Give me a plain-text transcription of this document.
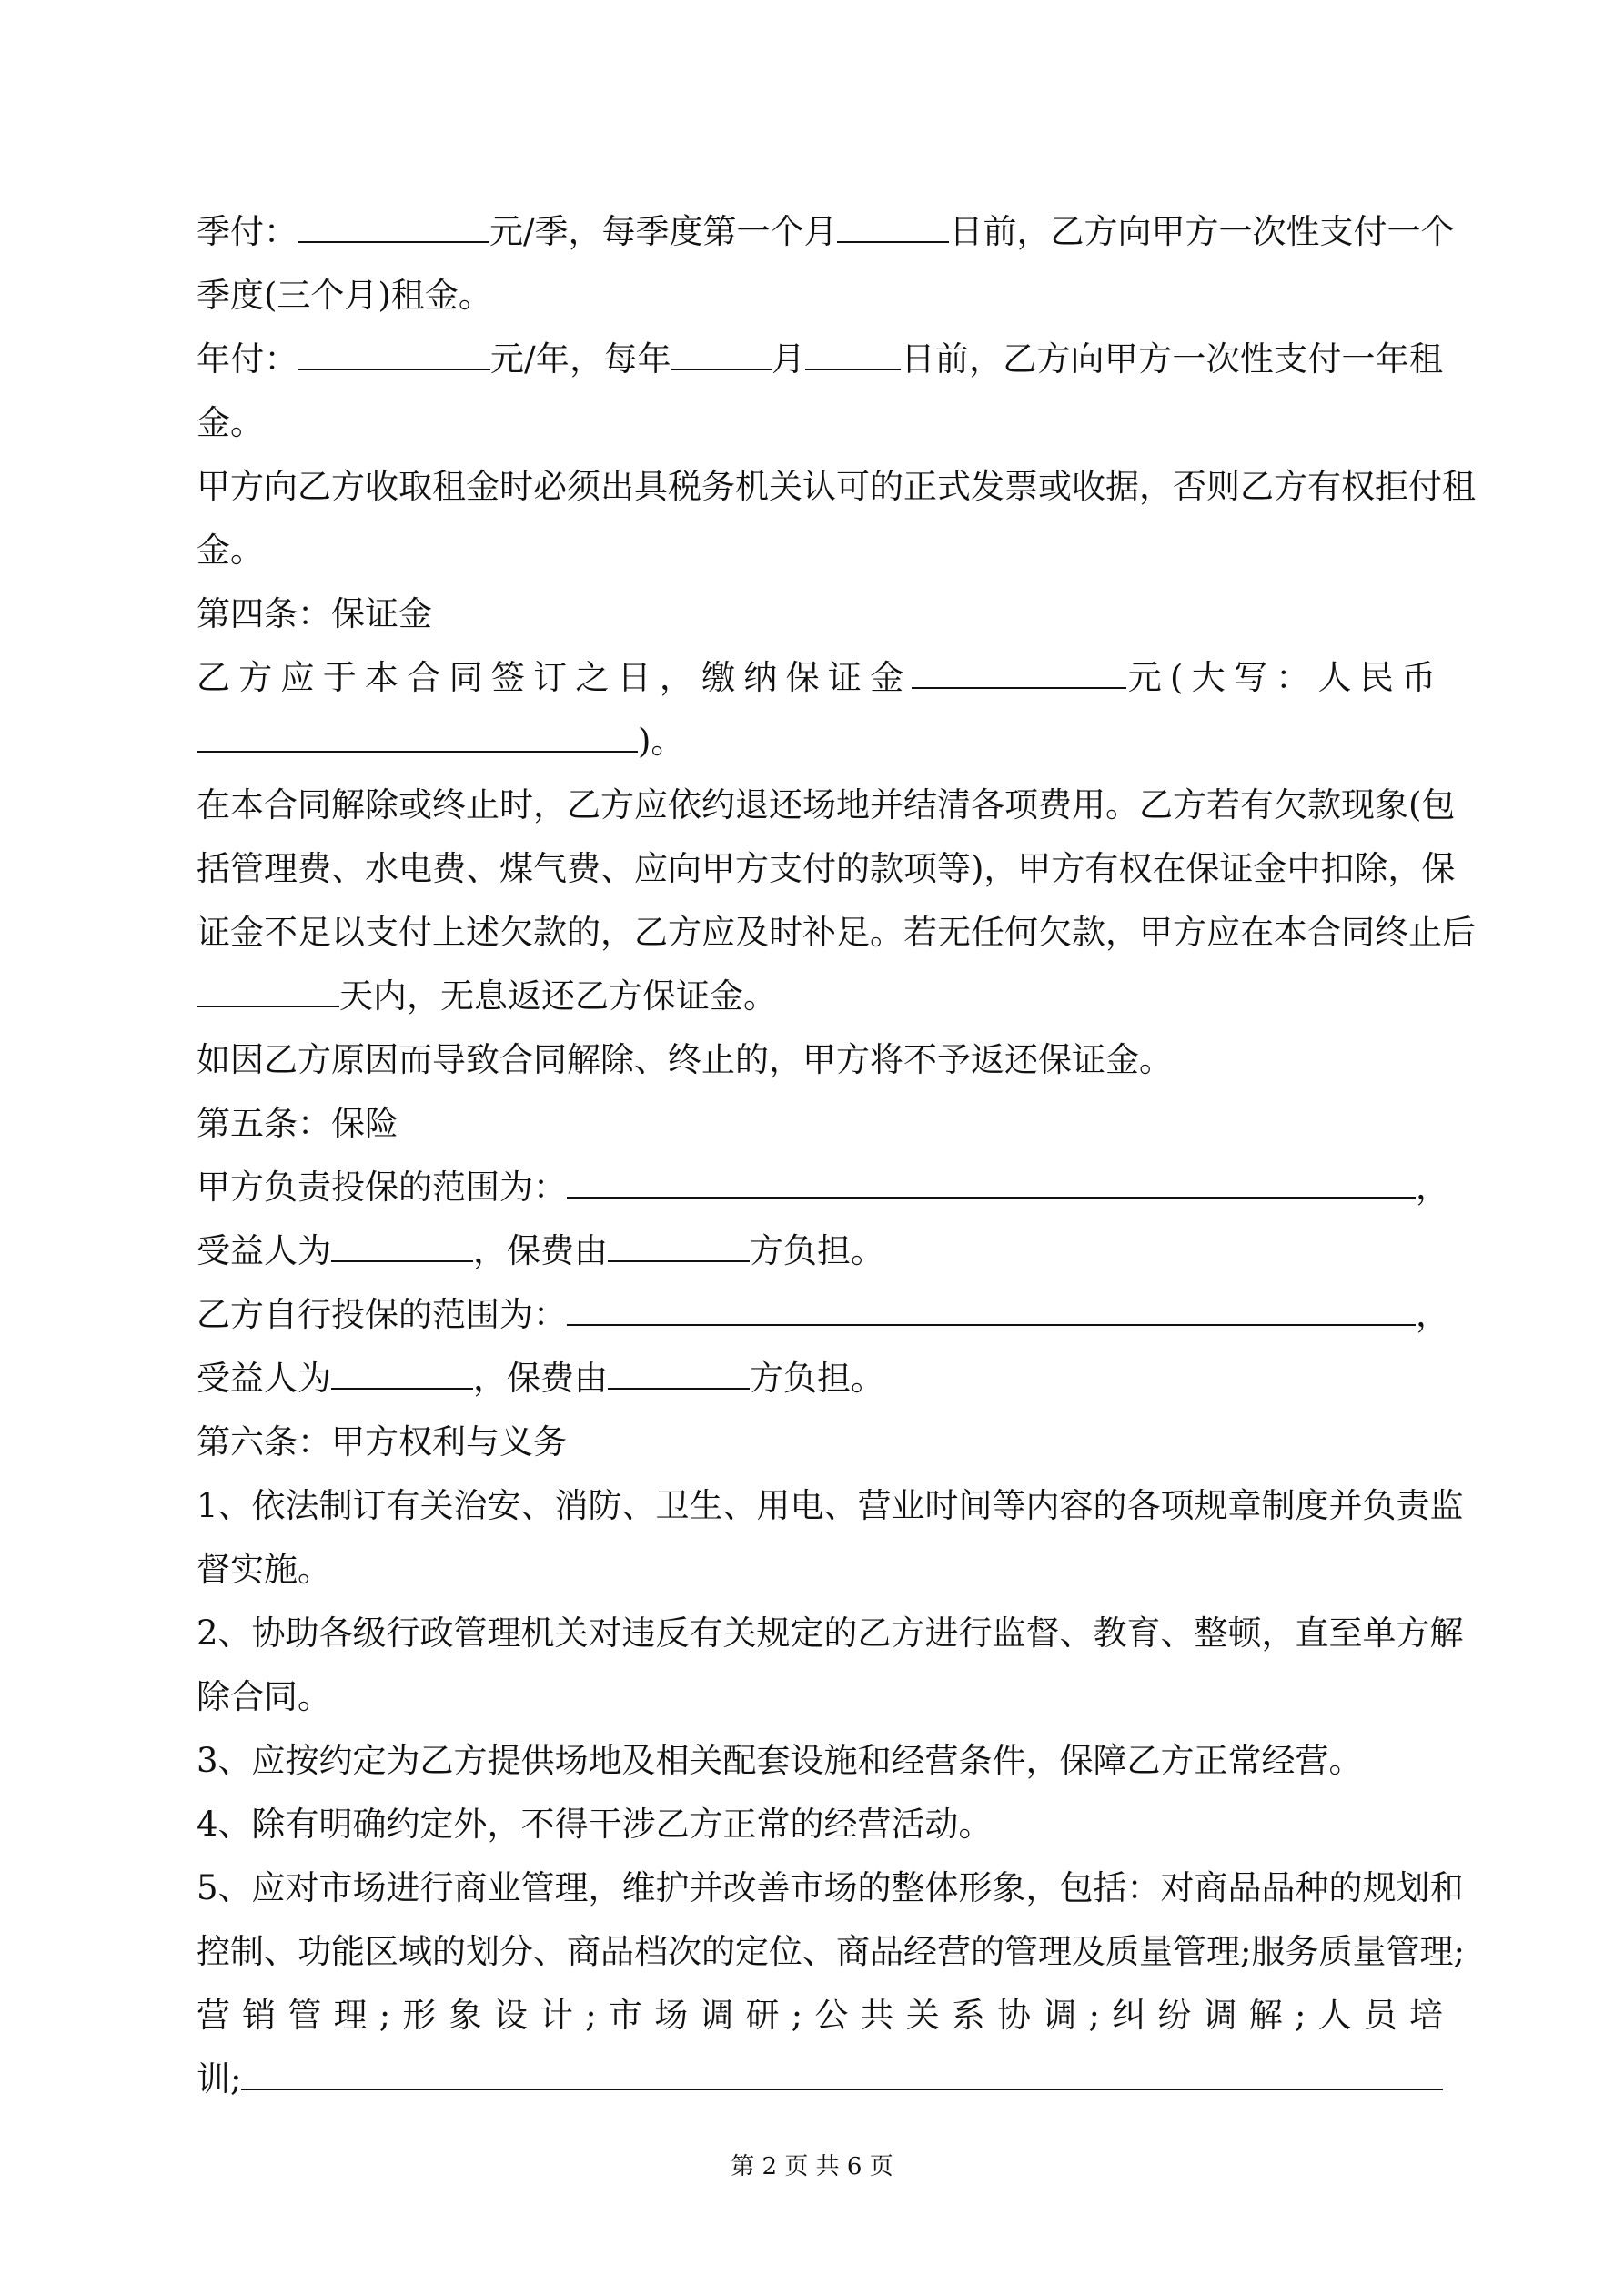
季付：	元/季，每季度第一个月	日前，乙方向甲方一次性支付一个
季度(三个月)租金。
年付：	元/年，每年	月	日前，乙方向甲方一次性支付一年租
金。
甲方向乙方收取租金时必须出具税务机关认可的正式发票或收据，否则乙方有权拒付租
金。
第四条：保证金
乙方应于本合同签订之日，缴纳保证金	元(大写：人民币
)。
在本合同解除或终止时，乙方应依约退还场地并结清各项费用。乙方若有欠款现象(包
括管理费、水电费、煤气费、应向甲方支付的款项等)，甲方有权在保证金中扣除，保
证金不足以支付上述欠款的，乙方应及时补足。若无任何欠款，甲方应在本合同终止后
天内，无息返还乙方保证金。
如因乙方原因而导致合同解除、终止的，甲方将不予返还保证金。
第五条：保险
甲方负责投保的范围为：	，
受益人为	，保费由	方负担。
乙方自行投保的范围为：	，
受益人为	，保费由	方负担。
第六条：甲方权利与义务
1、依法制订有关治安、消防、卫生、用电、营业时间等内容的各项规章制度并负责监
督实施。
2、协助各级行政管理机关对违反有关规定的乙方进行监督、教育、整顿，直至单方解
除合同。
3、应按约定为乙方提供场地及相关配套设施和经营条件，保障乙方正常经营。
4、除有明确约定外，不得干涉乙方正常的经营活动。
5、应对市场进行商业管理，维护并改善市场的整体形象，包括：对商品品种的规划和
控制、功能区域的划分、商品档次的定位、商品经营的管理及质量管理;服务质量管理;
营销管理;形象设计;市场调研;公共关系协调;纠纷调解;人员培
训;
第 2 页 共 6 页
